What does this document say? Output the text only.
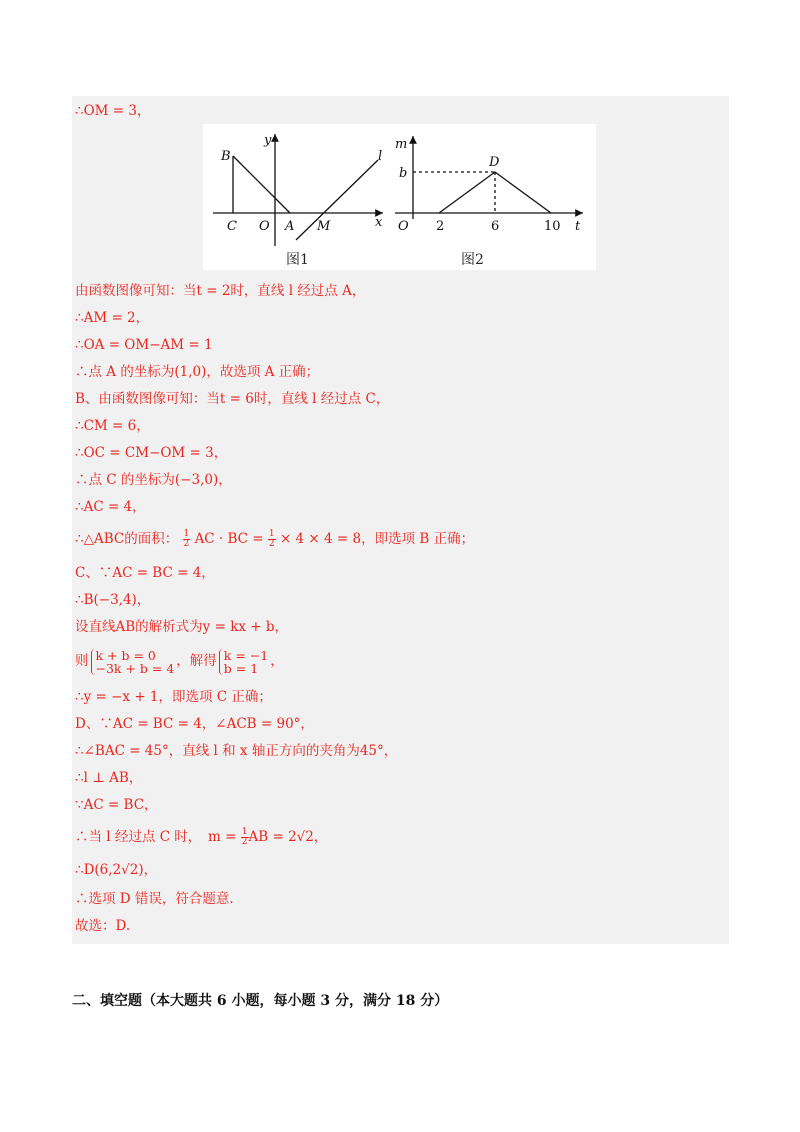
∴OM = 3，
由函数图像可知：当t = 2时，直线 l 经过点 A，
∴AM = 2，
∴OA = OM−AM = 1
∴点 A 的坐标为(1,0)，故选项 A 正确；
B、由函数图像可知：当t = 6时，直线 l 经过点 C，
∴CM = 6，
∴OC = CM−OM = 3，
∴点 C 的坐标为(−3,0)，
∴AC = 4，
∴△ABC的面积： $\frac{1}{2}$ AC · BC = $\frac{1}{2} \times 4 \times 4 = 8$，即选项 B 正确；
C、∵AC = BC = 4，
∴B(−3,4)，
设直线AB的解析式为y = kx + b，
则 k + b = 0
−3k + b = 4 ，解得 k = −1
b = 1 ，
∴y = −x + 1，即选项 C 正确；
D、∵AC = BC = 4，∠ACB = 90°，
∴∠BAC = 45°，直线 l 和 x 轴正方向的夹角为45°，
∴l ⊥ AB，
∵AC = BC，
∴当 l 经过点 C 时，　$m = \frac{1}{2}$ AB = 2√2，
∴D(6,2√2)，
∴选项 D 错误，符合题意.
故选：D.
B
y
C O A M	x
l
m
b
D
O 2	6	10 t
图1	图2
二、填空题（本大题共 6 小题，每小题 3 分，满分 18 分）
